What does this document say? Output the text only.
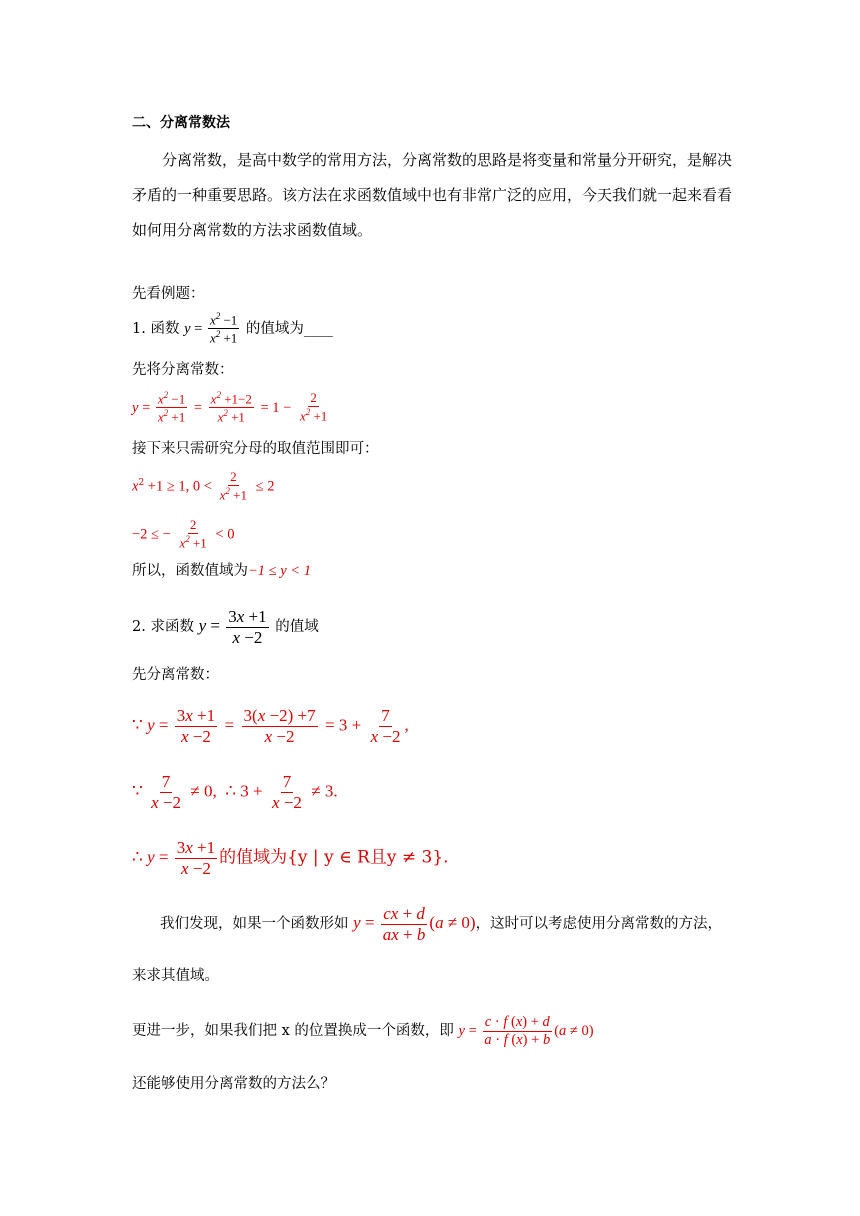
二、分离常数法
分离常数，是高中数学的常用方法，分离常数的思路是将变量和常量分开研究，是解决矛盾的一种重要思路。该方法在求函数值域中也有非常广泛的应用，今天我们就一起来看看如何用分离常数的方法求函数值域。
先看例题：
1. 函数 $y = \frac{x^2 -1}{x^2 +1}$ 的值域为____
先将分离常数：
$y = \frac{x^2 -1}{x^2 +1} = \frac{x^2 +1-2}{x^2 +1} = 1 - \frac{2}{x^2 +1}$
接下来只需研究分母的取值范围即可：
$x^2 +1 \ge 1$, $0 < \frac{2}{x^2 +1} \le 2$
−2 ≤ − $\frac{2}{x^2 +1} < 0$
所以，函数值域为−1 ≤ y < 1
2. 求函数 $y = \frac{3x +1}{x -2}$ 的值域
先分离常数：
∵ $y = \frac{3x +1}{x -2} = \frac{3(x -2) +7}{x -2} = 3 + \frac{7}{x -2}$ ,
∵ $\frac{7}{x -2} \ne 0$,  ∴ $3 + \frac{7}{x -2} \ne 3$.
∴ $y = \frac{3x +1}{x -2}$ 的值域为{y | y ∈ R且y ≠ 3}.
我们发现，如果一个函数形如 $y = \frac{cx + d}{ax + b} (a \ne 0)$，这时可以考虑使用分离常数的方法，
来求其值域。
更进一步，如果我们把 x 的位置换成一个函数，即 $y = \frac{c \cdot f (x) + d}{a \cdot f (x) + b} (a \ne 0)$
还能够使用分离常数的方法么？
